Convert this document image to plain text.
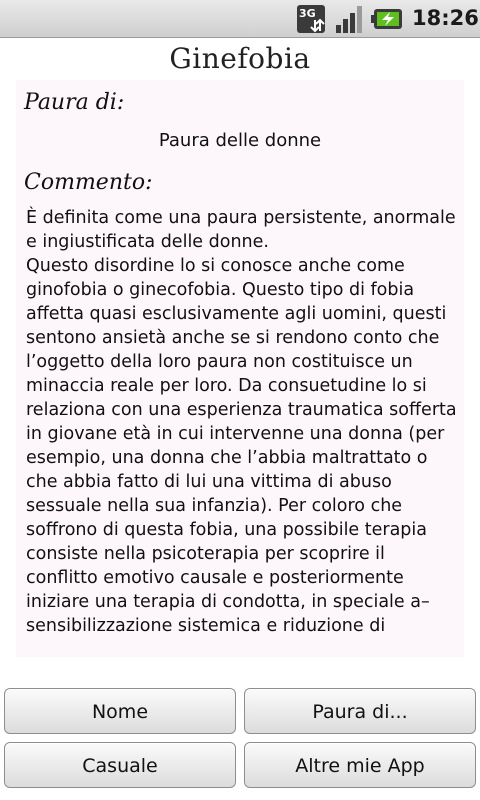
3G	18:26
Ginefobia
Paura di:
Paura delle donne
Commento:

È definita come una paura persistente, anormale e ingiustificata delle donne.
Questo disordine lo si conosce anche come ginofobia o ginecofobia. Questo tipo di fobia affetta quasi esclusivamente agli uomini, questi sentono ansietà anche se si rendono conto che l’oggetto della loro paura non costituisce un minaccia reale per loro. Da consuetudine lo si relaziona con una esperienza traumatica sofferta in giovane età in cui intervenne una donna (per esempio, una donna che l’abbia maltrattato o che abbia fatto di lui una vittima di abuso sessuale nella sua infanzia). Per coloro che soffrono di questa fobia, una possibile terapia consiste nella psicoterapia per scoprire il conflitto emotivo causale e posteriormente iniziare una terapia di condotta, in speciale a–sensibilizzazione sistemica e riduzione di

Nome	Paura di...
Casuale	Altre mie App
